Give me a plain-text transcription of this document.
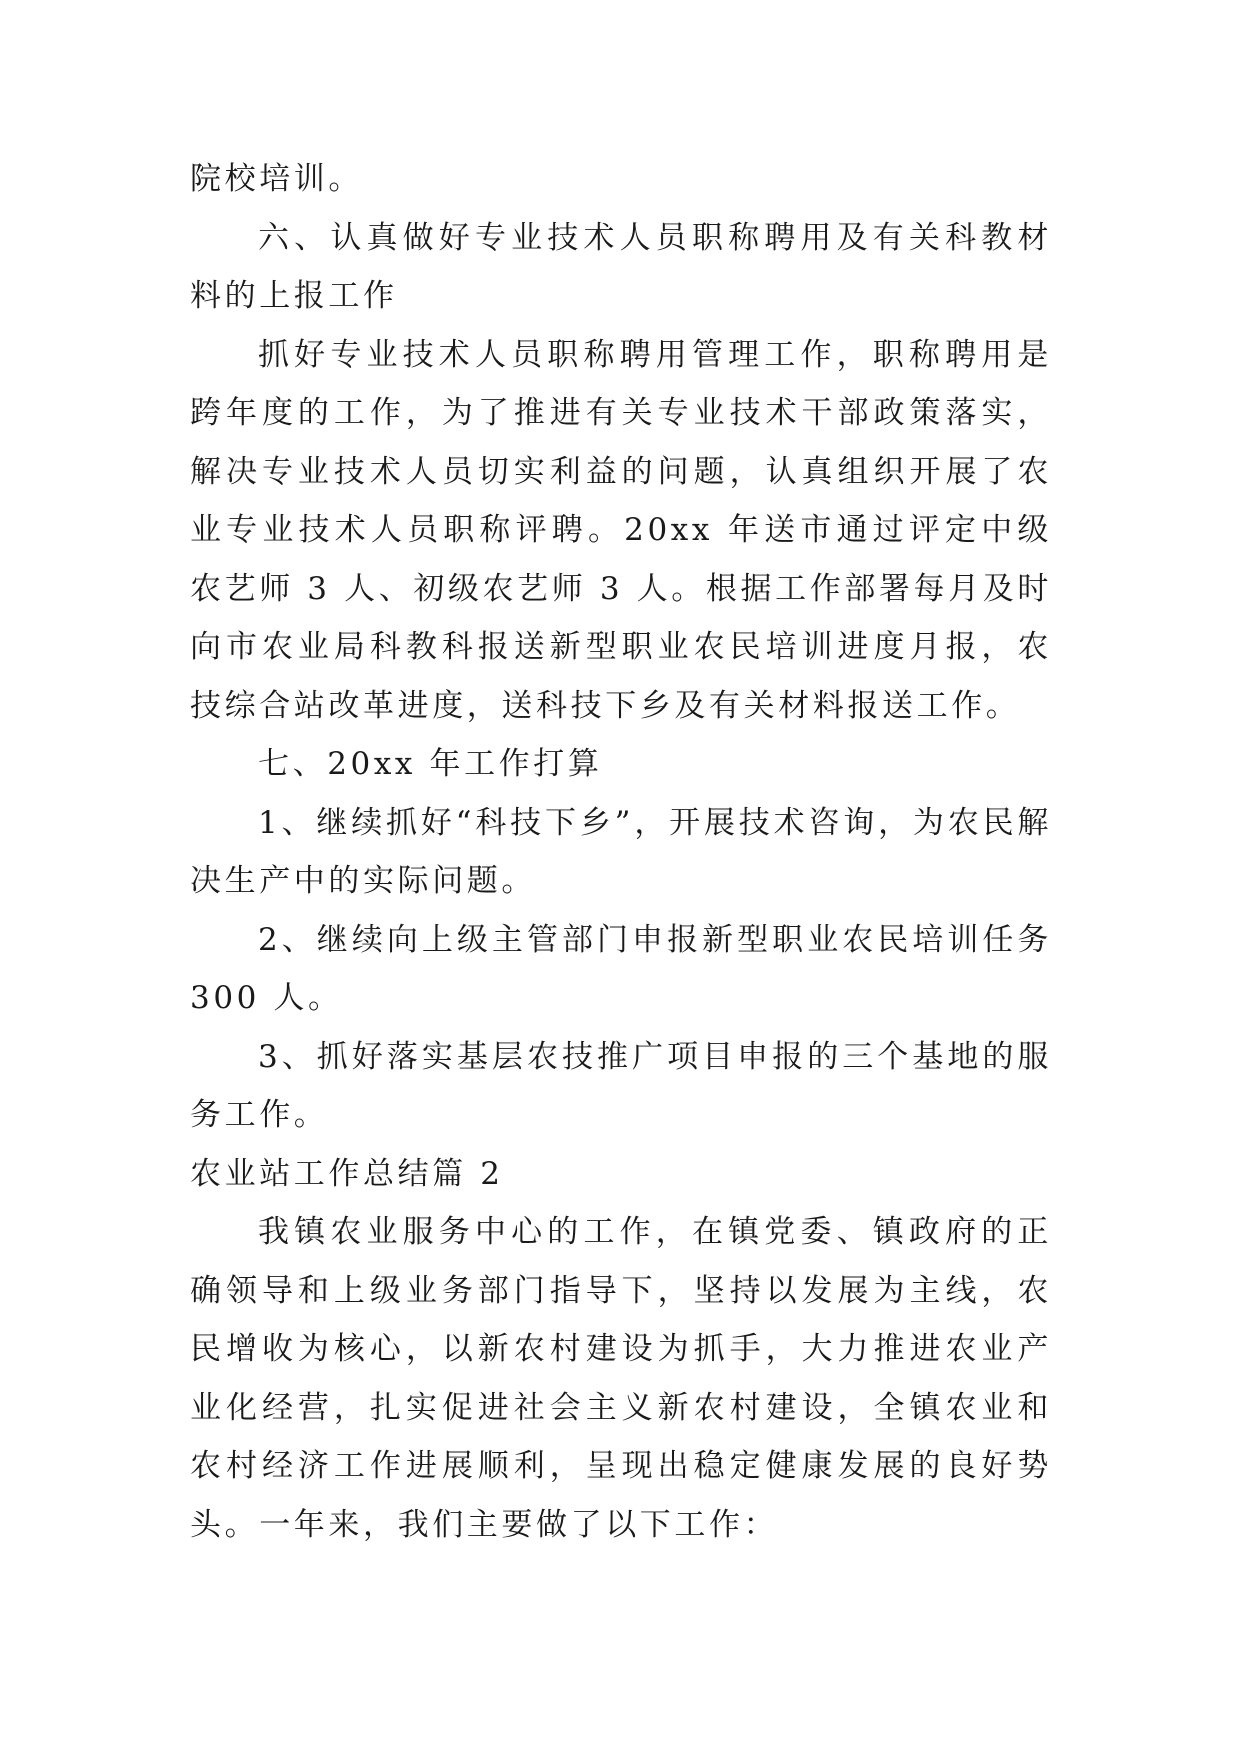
院校培训。

六、认真做好专业技术人员职称聘用及有关科教材料的上报工作

抓好专业技术人员职称聘用管理工作，职称聘用是跨年度的工作，为了推进有关专业技术干部政策落实，解决专业技术人员切实利益的问题，认真组织开展了农业专业技术人员职称评聘。20xx 年送市通过评定中级农艺师 3 人、初级农艺师 3 人。根据工作部署每月及时向市农业局科教科报送新型职业农民培训进度月报，农技综合站改革进度，送科技下乡及有关材料报送工作。

七、20xx 年工作打算

1、继续抓好“科技下乡”，开展技术咨询，为农民解决生产中的实际问题。

2、继续向上级主管部门申报新型职业农民培训任务 300 人。

3、抓好落实基层农技推广项目申报的三个基地的服务工作。

农业站工作总结篇 2

我镇农业服务中心的工作，在镇党委、镇政府的正确领导和上级业务部门指导下，坚持以发展为主线，农民增收为核心，以新农村建设为抓手，大力推进农业产业化经营，扎实促进社会主义新农村建设，全镇农业和农村经济工作进展顺利，呈现出稳定健康发展的良好势头。一年来，我们主要做了以下工作：
